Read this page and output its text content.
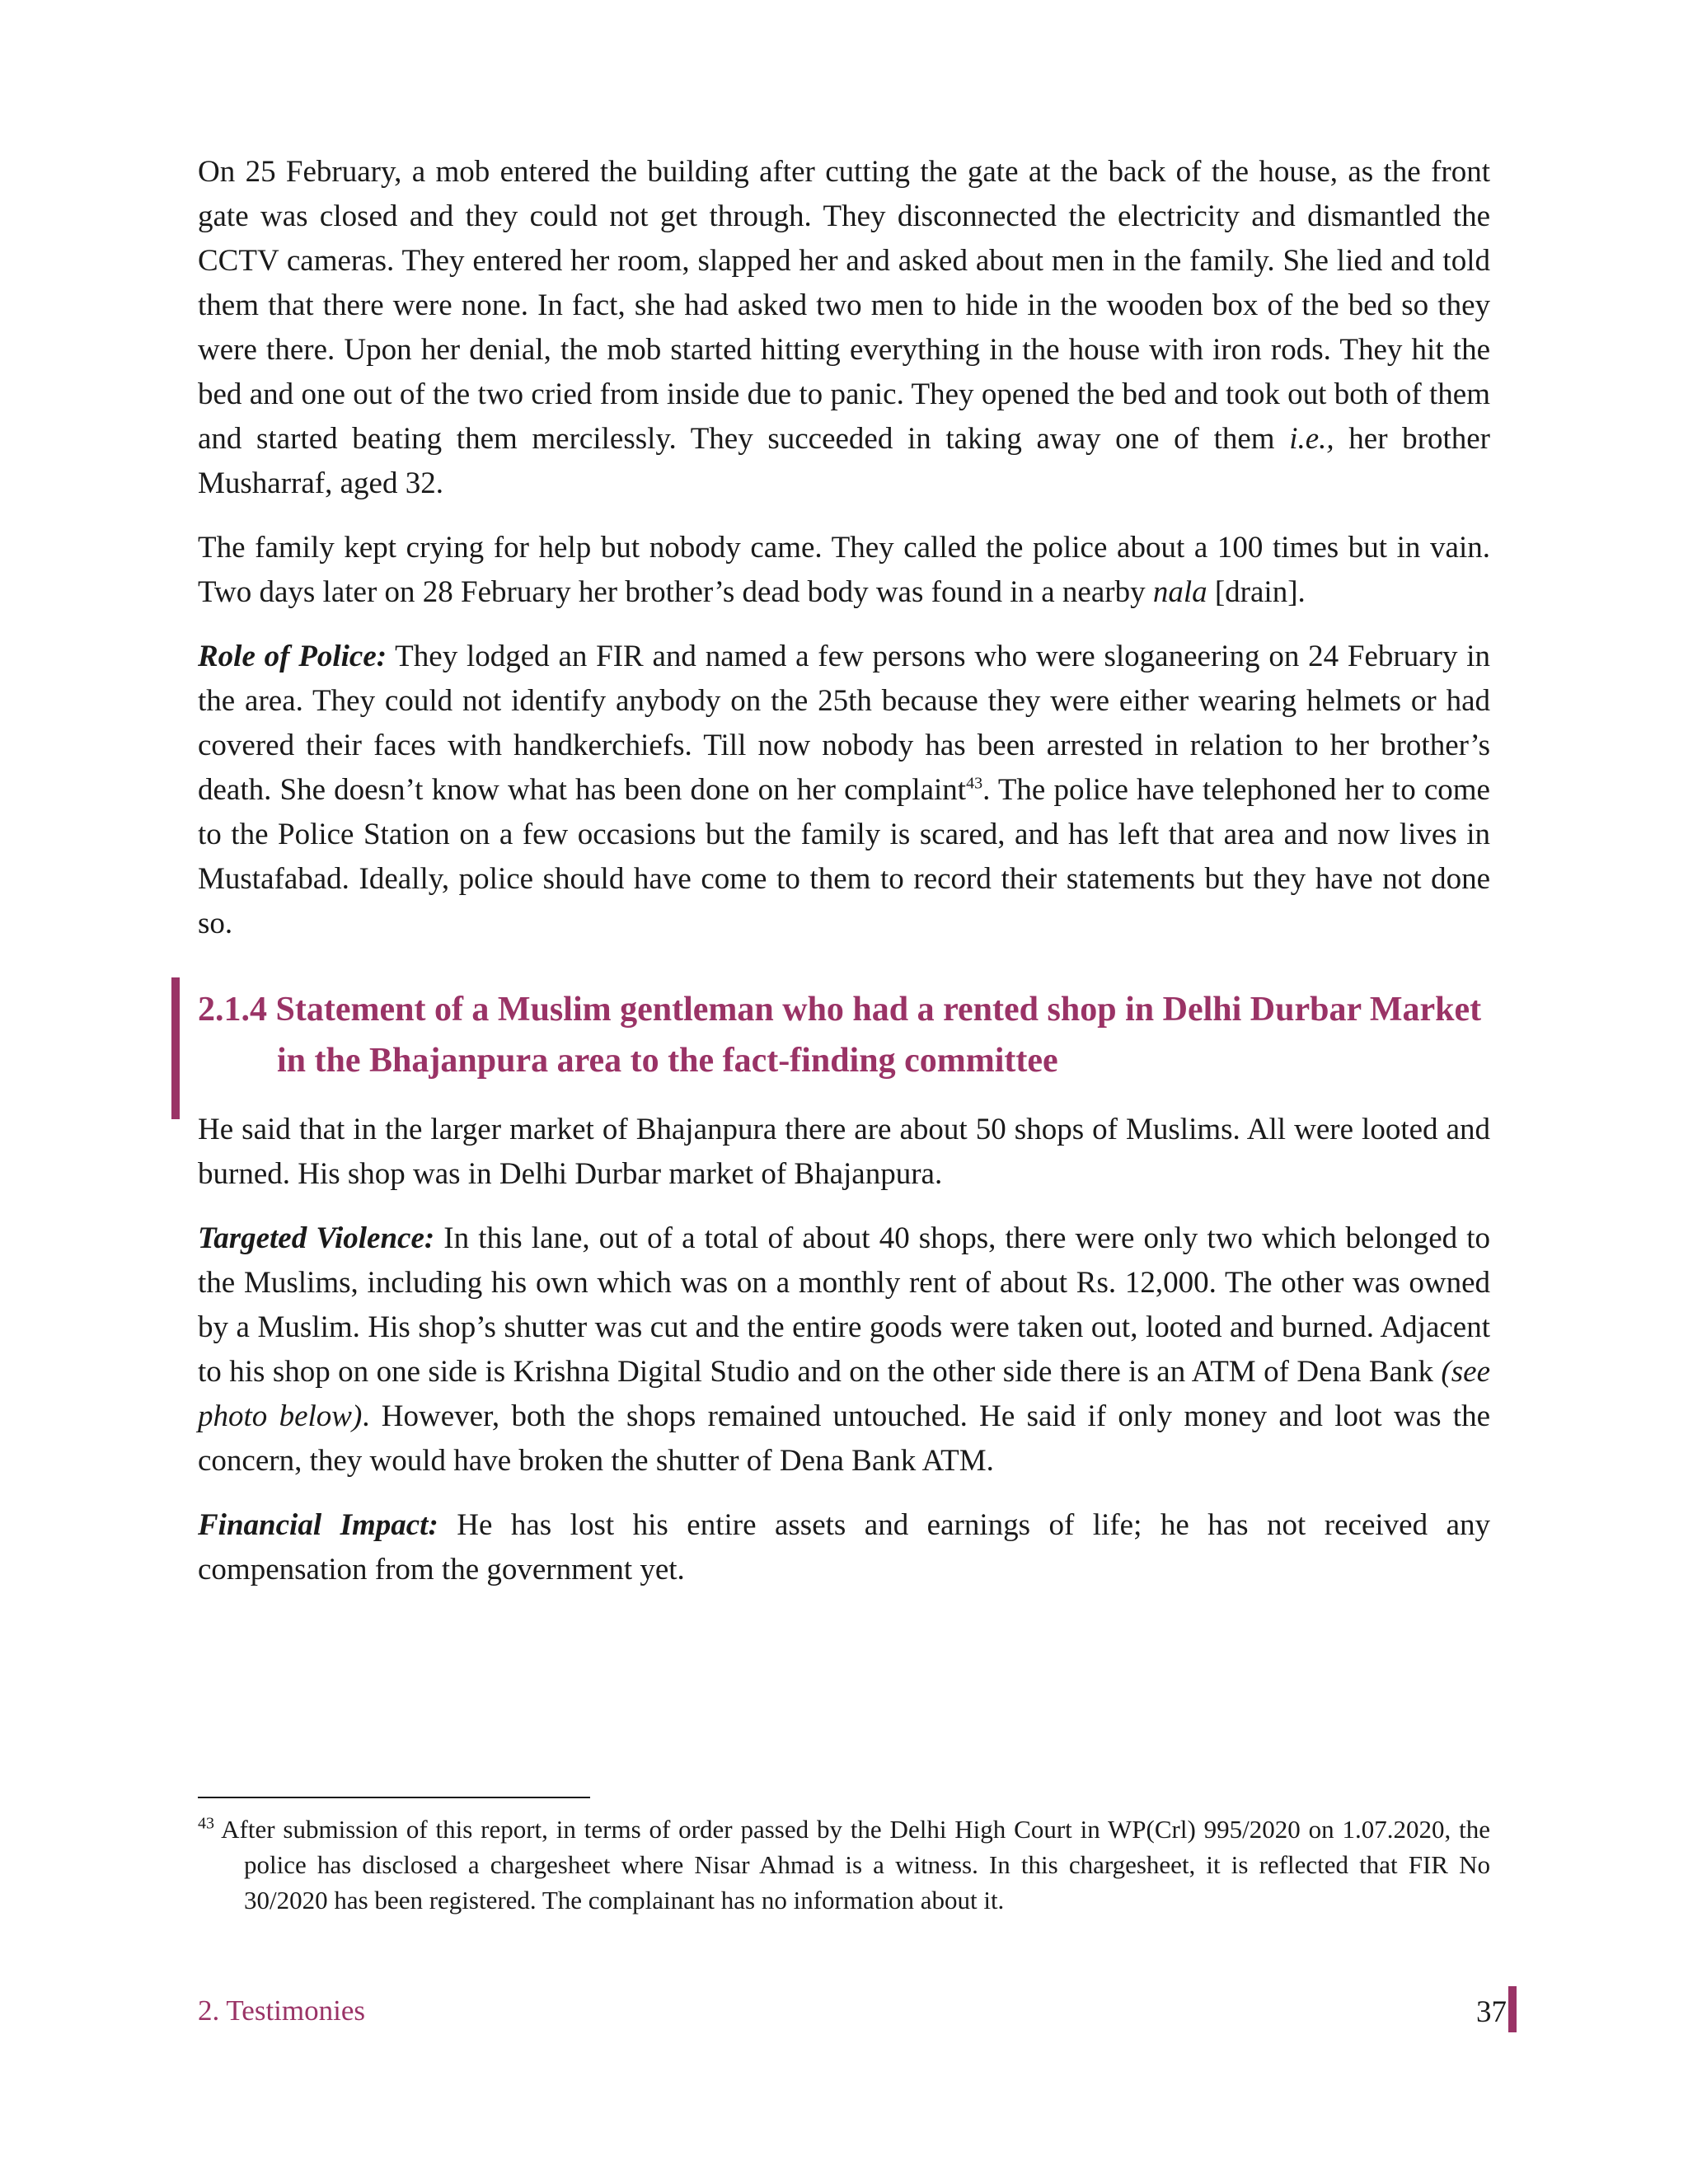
On 25 February, a mob entered the building after cutting the gate at the back of the house, as the front gate was closed and they could not get through. They disconnected the electricity and dismantled the CCTV cameras. They entered her room, slapped her and asked about men in the family. She lied and told them that there were none. In fact, she had asked two men to hide in the wooden box of the bed so they were there. Upon her denial, the mob started hitting everything in the house with iron rods. They hit the bed and one out of the two cried from inside due to panic. They opened the bed and took out both of them and started beating them mercilessly. They succeeded in taking away one of them i.e., her brother Musharraf, aged 32.

The family kept crying for help but nobody came. They called the police about a 100 times but in vain. Two days later on 28 February her brother’s dead body was found in a nearby nala [drain].

Role of Police: They lodged an FIR and named a few persons who were sloganeering on 24 February in the area. They could not identify anybody on the 25th because they were either wearing helmets or had covered their faces with handkerchiefs. Till now nobody has been arrested in relation to her brother’s death. She doesn’t know what has been done on her complaint$^{43}$. The police have telephoned her to come to the Police Station on a few occasions but the family is scared, and has left that area and now lives in Mustafabad. Ideally, police should have come to them to record their statements but they have not done so.

2.1.4 Statement of a Muslim gentleman who had a rented shop in Delhi Durbar Market in the Bhajanpura area to the fact-finding committee

He said that in the larger market of Bhajanpura there are about 50 shops of Muslims. All were looted and burned. His shop was in Delhi Durbar market of Bhajanpura.

Targeted Violence: In this lane, out of a total of about 40 shops, there were only two which belonged to the Muslims, including his own which was on a monthly rent of about Rs. 12,000. The other was owned by a Muslim. His shop’s shutter was cut and the entire goods were taken out, looted and burned. Adjacent to his shop on one side is Krishna Digital Studio and on the other side there is an ATM of Dena Bank (see photo below). However, both the shops remained untouched. He said if only money and loot was the concern, they would have broken the shutter of Dena Bank ATM.

Financial Impact: He has lost his entire assets and earnings of life; he has not received any compensation from the government yet.

$^{43}$ After submission of this report, in terms of order passed by the Delhi High Court in WP(Crl) 995/2020 on 1.07.2020, the police has disclosed a chargesheet where Nisar Ahmad is a witness. In this chargesheet, it is reflected that FIR No 30/2020 has been registered. The complainant has no information about it.
2. Testimonies	37
